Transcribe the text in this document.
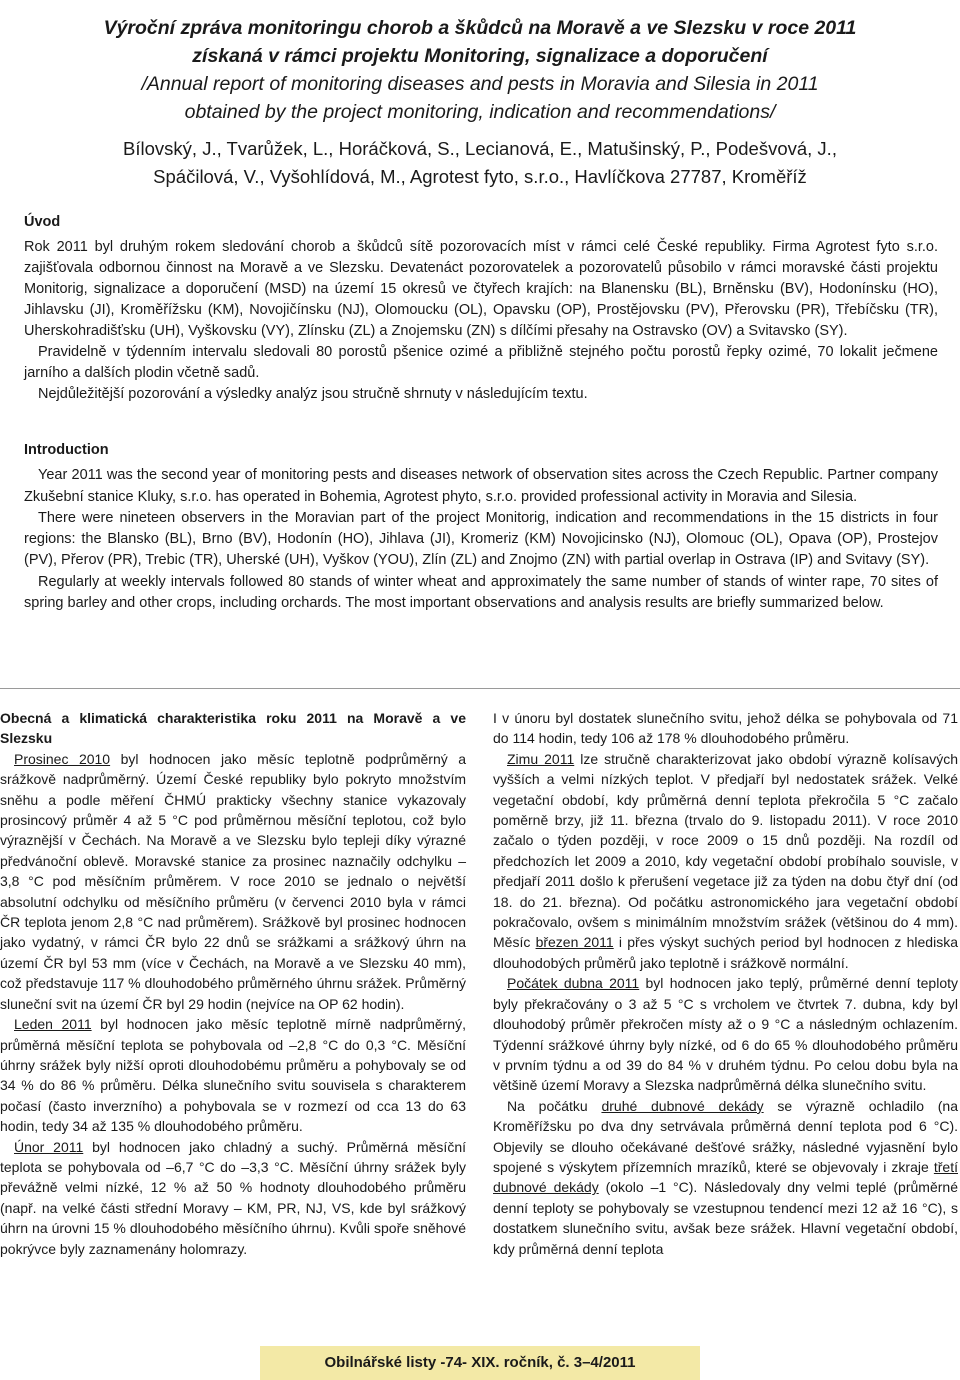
Výroční zpráva monitoringu chorob a škůdců na Moravě a ve Slezsku v roce 2011
získaná v rámci projektu Monitoring, signalizace a doporučení
/Annual report of monitoring diseases and pests in Moravia and Silesia in 2011
obtained by the project monitoring, indication and recommendations/
Bílovský, J., Tvarůžek, L., Horáčková, S., Lecianová, E., Matušinský, P., Podešvová, J.,
Spáčilová, V., Vyšohlídová, M., Agrotest fyto, s.r.o., Havlíčkova 27787, Kroměříž
Úvod

Rok 2011 byl druhým rokem sledování chorob a škůdců sítě pozorovacích míst v rámci celé České republiky. Firma Agrotest fyto s.r.o. zajišťovala odbornou činnost na Moravě a ve Slezsku. Devatenáct pozorovatelek a pozorovatelů působilo v rámci moravské části projektu Monitorig, signalizace a doporučení (MSD) na území 15 okresů ve čtyřech krajích: na Blanensku (BL), Brněnsku (BV), Hodonínsku (HO), Jihlavsku (JI), Kroměřížsku (KM), Novojičínsku (NJ), Olomoucku (OL), Opavsku (OP), Prostějovsku (PV), Přerovsku (PR), Třebíčsku (TR), Uherskohradišťsku (UH), Vyškovsku (VY), Zlínsku (ZL) a Znojemsku (ZN) s dílčími přesahy na Ostravsko (OV) a Svitavsko (SY).

Pravidelně v týdenním intervalu sledovali 80 porostů pšenice ozimé a přibližně stejného počtu porostů řepky ozimé, 70 lokalit ječmene jarního a dalších plodin včetně sadů.

Nejdůležitější pozorování a výsledky analýz jsou stručně shrnuty v následujícím textu.

Introduction

Year 2011 was the second year of monitoring pests and diseases network of observation sites across the Czech Republic. Partner company Zkušební stanice Kluky, s.r.o. has operated in Bohemia, Agrotest phyto, s.r.o. provided professional activity in Moravia and Silesia.

There were nineteen observers in the Moravian part of the project Monitorig, indication and recommendations in the 15 districts in four regions: the Blansko (BL), Brno (BV), Hodonín (HO), Jihlava (JI), Kromeriz (KM) Novojicinsko (NJ), Olomouc (OL), Opava (OP), Prostejov (PV), Přerov (PR), Trebic (TR), Uherské (UH), Vyškov (YOU), Zlín (ZL) and Znojmo (ZN) with partial overlap in Ostrava (IP) and Svitavy (SY).

Regularly at weekly intervals followed 80 stands of winter wheat and approximately the same number of stands of winter rape, 70 sites of spring barley and other crops, including orchards. The most important observations and analysis results are briefly summarized below.

Obecná a klimatická charakteristika roku 2011 na Moravě a ve Slezsku

Prosinec 2010 byl hodnocen jako měsíc teplotně podprůměrný a srážkově nadprůměrný. Území České republiky bylo pokryto množstvím sněhu a podle měření ČHMÚ prakticky všechny stanice vykazovaly prosincový průměr 4 až 5 °C pod průměrnou měsíční teplotou, což bylo výraznější v Čechách. Na Moravě a ve Slezsku bylo tepleji díky výrazné předvánoční oblevě. Moravské stanice za prosinec naznačily odchylku –3,8 °C pod měsíčním průměrem. V roce 2010 se jednalo o největší absolutní odchylku od měsíčního průměru (v červenci 2010 byla v rámci ČR teplota jenom 2,8 °C nad průměrem). Srážkově byl prosinec hodnocen jako vydatný, v rámci ČR bylo 22 dnů se srážkami a srážkový úhrn na území ČR byl 53 mm (více v Čechách, na Moravě a ve Slezsku 40 mm), což představuje 117 % dlouhodobého průměrného úhrnu srážek. Průměrný sluneční svit na území ČR byl 29 hodin (nejvíce na OP 62 hodin).

Leden 2011 byl hodnocen jako měsíc teplotně mírně nadprůměrný, průměrná měsíční teplota se pohybovala od –2,8 °C do 0,3 °C. Měsíční úhrny srážek byly nižší oproti dlouhodobému průměru a pohybovaly se od 34 % do 86 % průměru. Délka slunečního svitu souvisela s charakterem počasí (často inverzního) a pohybovala se v rozmezí od cca 13 do 63 hodin, tedy 34 až 135 % dlouhodobého průměru.

Únor 2011 byl hodnocen jako chladný a suchý. Průměrná měsíční teplota se pohybovala od –6,7 °C do –3,3 °C. Měsíční úhrny srážek byly převážně velmi nízké, 12 % až 50 % hodnoty dlouhodobého průměru (např. na velké části střední Moravy – KM, PR, NJ, VS, kde byl srážkový úhrn na úrovni 15 % dlouhodobého měsíčního úhrnu). Kvůli spoře sněhové pokrývce byly zaznamenány holomrazy.

I v únoru byl dostatek slunečního svitu, jehož délka se pohybovala od 71 do 114 hodin, tedy 106 až 178 % dlouhodobého průměru.

Zimu 2011 lze stručně charakterizovat jako období výrazně kolísavých vyšších a velmi nízkých teplot. V předjaří byl nedostatek srážek. Velké vegetační období, kdy průměrná denní teplota překročila 5 °C začalo poměrně brzy, již 11. března (trvalo do 9. listopadu 2011). V roce 2010 začalo o týden později, v roce 2009 o 15 dnů později. Na rozdíl od předchozích let 2009 a 2010, kdy vegetační období probíhalo souvisle, v předjaří 2011 došlo k přerušení vegetace již za týden na dobu čtyř dní (od 18. do 21. března). Od počátku astronomického jara vegetační období pokračovalo, ovšem s minimálním množstvím srážek (většinou do 4 mm). Měsíc březen 2011 i přes výskyt suchých period byl hodnocen z hlediska dlouhodobých průměrů jako teplotně i srážkově normální.

Počátek dubna 2011 byl hodnocen jako teplý, průměrné denní teploty byly překračovány o 3 až 5 °C s vrcholem ve čtvrtek 7. dubna, kdy byl dlouhodobý průměr překročen místy až o 9 °C a následným ochlazením. Týdenní srážkové úhrny byly nízké, od 6 do 65 % dlouhodobého průměru v prvním týdnu a od 39 do 84 % v druhém týdnu. Po celou dobu byla na většině území Moravy a Slezska nadprůměrná délka slunečního svitu.

Na počátku druhé dubnové dekády se výrazně ochladilo (na Kroměřížsku po dva dny setrvávala průměrná denní teplota pod 6 °C). Objevily se dlouho očekávané dešťové srážky, následné vyjasnění bylo spojené s výskytem přízemních mrazíků, které se objevovaly i zkraje třetí dubnové dekády (okolo –1 °C). Následovaly dny velmi teplé (průměrné denní teploty se pohybovaly se vzestupnou tendencí mezi 12 až 16 °C), s dostatkem slunečního svitu, avšak beze srážek. Hlavní vegetační období, kdy průměrná denní teplota

Obilnářské listy -74- XIX. ročník, č. 3–4/2011
